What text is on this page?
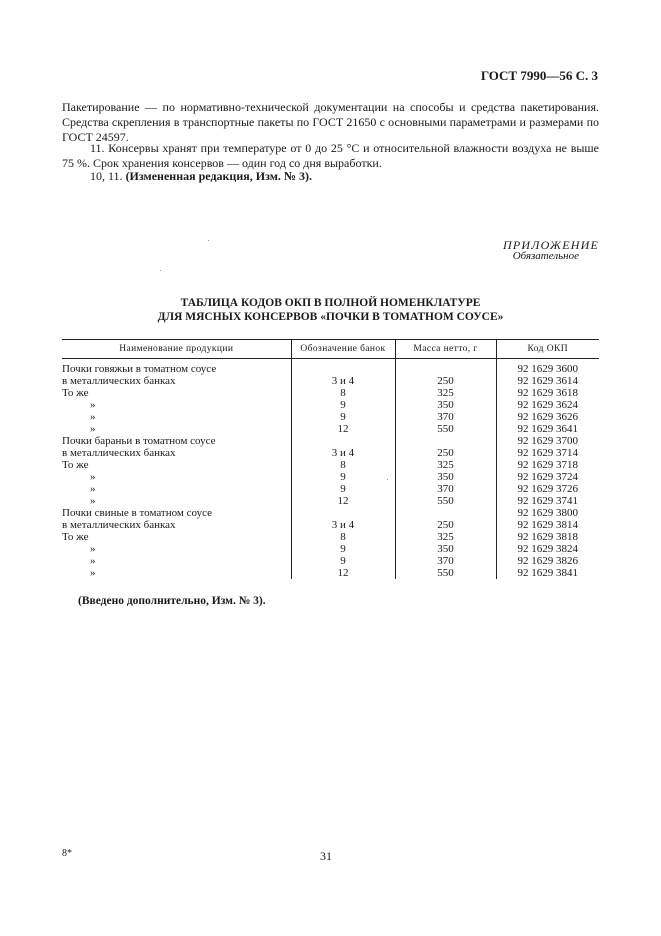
ГОСТ 7990—56 С. 3
Пакетирование — по нормативно-технической документации на способы и средства пакетирования. Средства скрепления в транспортные пакеты по ГОСТ 21650 с основными параметрами и размерами по ГОСТ 24597.
11. Консервы хранят при температуре от 0 до 25 °С и относительной влажности воздуха не выше 75 %. Срок хранения консервов — один год со дня выработки.
10, 11. (Измененная редакция, Изм. № 3).
ПРИЛОЖЕНИЕ
Обязательное
ТАБЛИЦА КОДОВ ОКП В ПОЛНОЙ НОМЕНКЛАТУРЕ
ДЛЯ МЯСНЫХ КОНСЕРВОВ «ПОЧКИ В ТОМАТНОМ СОУСЕ»
Наименование продукции	Обозначение банок	Масса нетто, г	Код ОКП
Почки говяжьи в томатном соусе			92 1629 3600
в металлических банках	3 и 4	250	92 1629 3614
То же	8	325	92 1629 3618
»	9	350	92 1629 3624
»	9	370	92 1629 3626
»	12	550	92 1629 3641
Почки бараньи в томатном соусе			92 1629 3700
в металлических банках	3 и 4	250	92 1629 3714
То же	8	325	92 1629 3718
»	9	350	92 1629 3724
»	9	370	92 1629 3726
»	12	550	92 1629 3741
Почки свиные в томатном соусе			92 1629 3800
в металлических банках	3 и 4	250	92 1629 3814
То же	8	325	92 1629 3818
»	9	350	92 1629 3824
»	9	370	92 1629 3826
»	12	550	92 1629 3841
(Введено дополнительно, Изм. № 3).
8*	31
